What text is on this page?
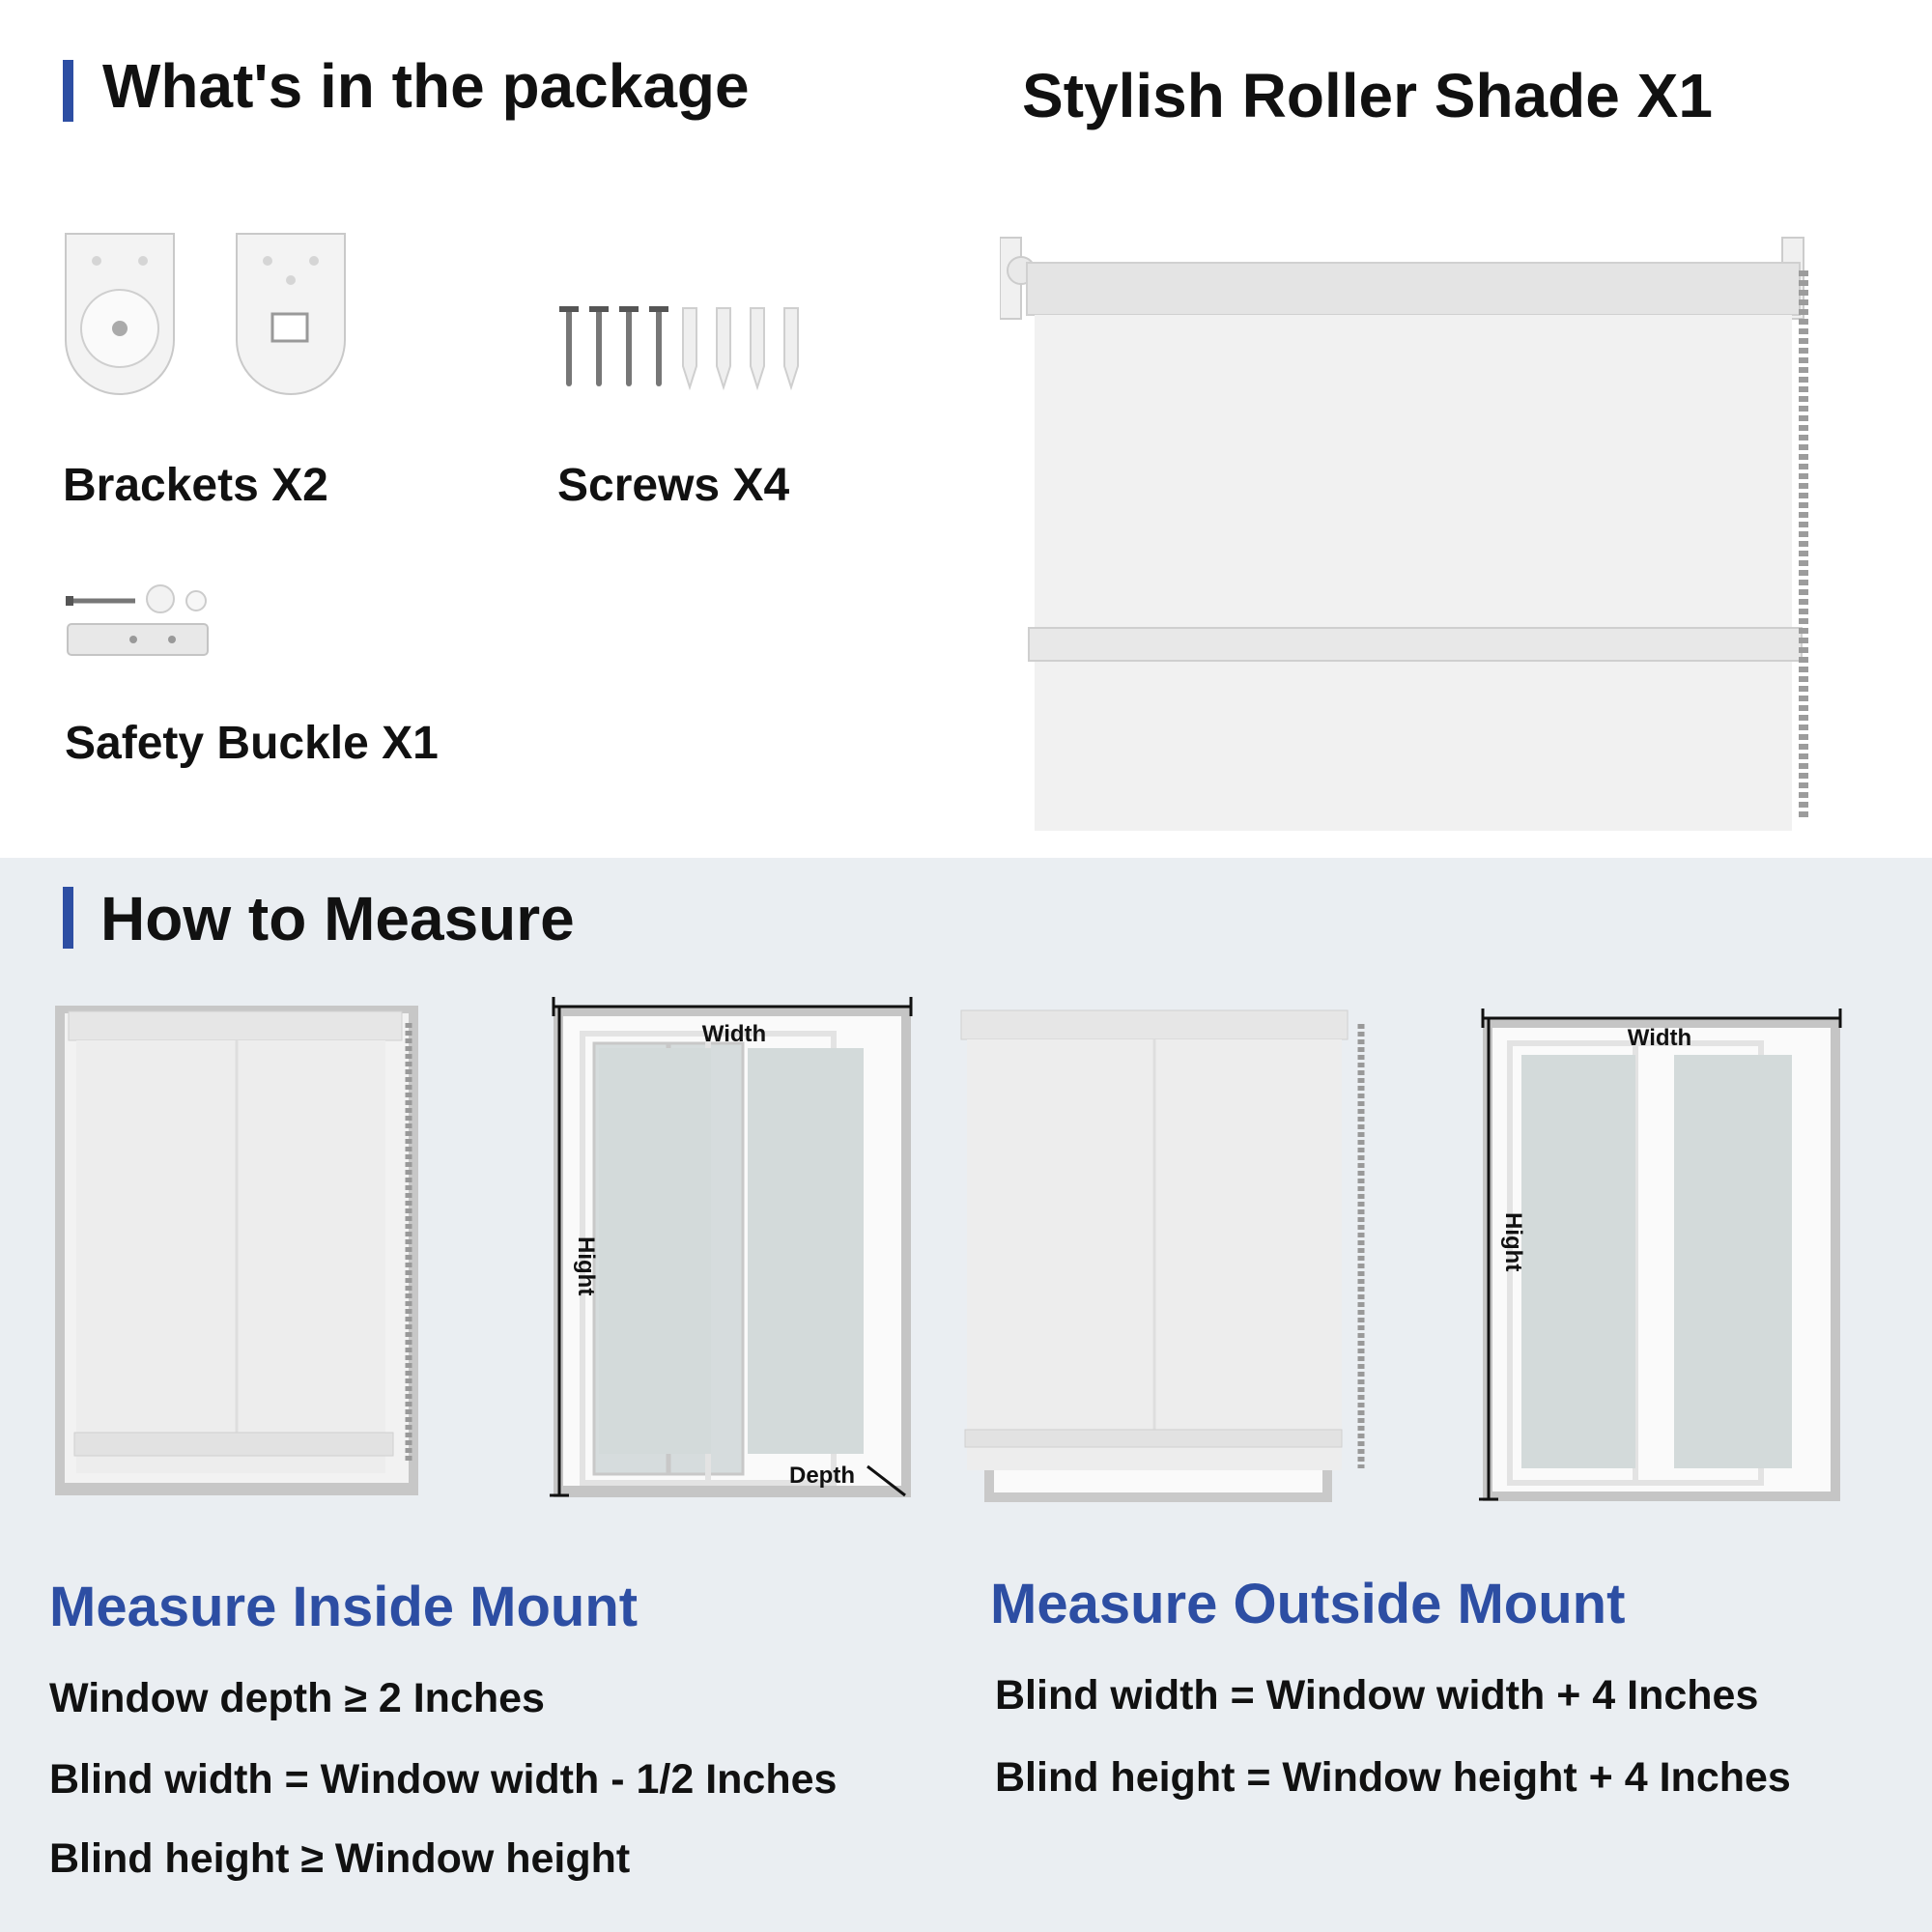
What's in the package	Stylish Roller Shade X1
Brackets X2	Screws X4
Safety Buckle X1
How to Measure
Width
Hight
Depth
Width
Hight
Measure Inside Mount
Window depth ≥ 2 Inches
Blind width = Window width - 1/2 Inches
Blind height ≥ Window height
Measure Outside Mount
Blind width = Window width + 4 Inches
Blind height = Window height + 4 Inches
